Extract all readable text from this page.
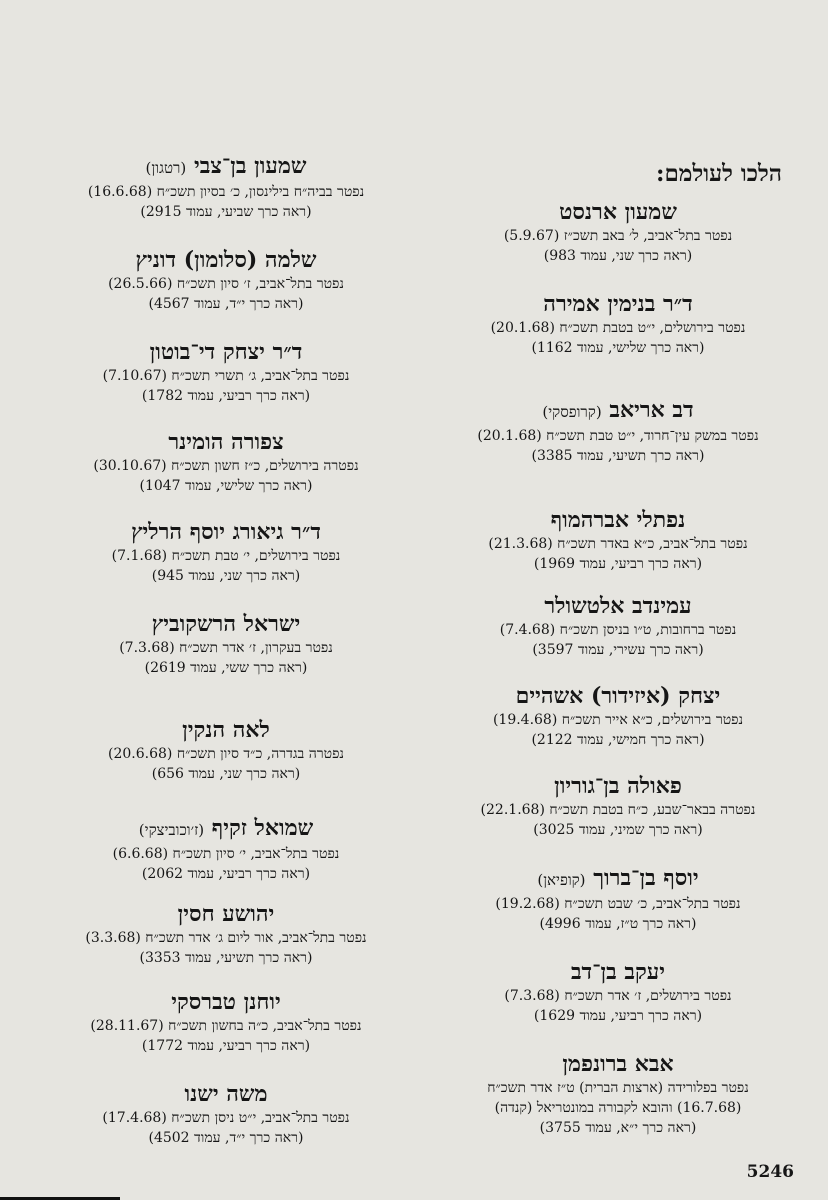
הלכו לעולמם:

שמעון ארנסט

נפטר בתל־אביב, ל׳ באב תשכ״ז (5.9.67)

(ראה כרך שני, עמוד 983)

ד״ר בנימין אמירה

נפטר בירושלים, י״ט בטבת תשכ״ח (20.1.68)

(ראה כרך שלישי, עמוד 1162)

דב אריאב (קרופסקי)

נפטר במשק עין־חרוד, י״ט טבת תשכ״ח (20.1.68)

(ראה כרך תשיעי, עמוד 3385)

נפתלי אברהמוף

נפטר בתל־אביב, כ״א באדר תשכ״ח (21.3.68)

(ראה כרך רביעי, עמוד 1969)

עמינדב אלטשולר

נפטר ברחובות, ט״ו בניסן תשכ״ח (7.4.68)

(ראה כרך עשירי, עמוד 3597)

יצחק (איזידור) אשהיים

נפטר בירושלים, כ״א אייר תשכ״ח (19.4.68)

(ראה כרך חמישי, עמוד 2122)

פאולה בן־גוריון

נפטרה בבאר־שבע, כ״ח בטבת תשכ״ח (22.1.68)

(ראה כרך שמיני, עמוד 3025)

יוסף בן־ברוך (קופיאן)

נפטר בתל־אביב, כ׳ שבט תשכ״ח (19.2.68)

(ראה כרך ט״ז, עמוד 4996)

יעקב בן־דב

נפטר בירושלים, ז׳ אדר תשכ״ח (7.3.68)

(ראה כרך רביעי, עמוד 1629)

אבא ברונפמן

נפטר בפלורידה (ארצות הברית) ט״ז אדר תשכ״ח

(16.7.68) והובא לקבורה במונטריאל (קנדה)

(ראה כרך י״א, עמוד 3755)

שמעון בן־צבי (רטגון)

נפטר בביה״ח בילינסון, כ׳ בסיון תשכ״ח (16.6.68)

(ראה כרך שביעי, עמוד 2915)

שלמה (סלומון) דוניץ

נפטר בתל־אביב, ז׳ סיון תשכ״ח (26.5.66)

(ראה כרך י״ד, עמוד 4567)

ד״ר יצחק די־בוטון

נפטר בתל־אביב, ג׳ תשרי תשכ״ח (7.10.67)

(ראה כרך רביעי, עמוד 1782)

צפורה הומינר

נפטרה בירושלים, כ״ז חשון תשכ״ח (30.10.67)

(ראה כרך שלישי, עמוד 1047)

ד״ר גיאורג יוסף הרליץ

נפטר בירושלים, י׳ טבת תשכ״ח (7.1.68)

(ראה כרך שני, עמוד 945)

ישראל הרשקוביץ

נפטר בעקרון, ז׳ אדר תשכ״ח (7.3.68)

(ראה כרך ששי, עמוד 2619)

לאה הנקין

נפטרה בגדרה, כ״ד סיון תשכ״ח (20.6.68)

(ראה כרך שני, עמוד 656)

שמואל זקיף (ז׳וכוביצקי)

נפטר בתל־אביב, י׳ סיון תשכ״ח (6.6.68)

(ראה כרך רביעי, עמוד 2062)

יהושע חסין

נפטר בתל־אביב, אור ליום ג׳ אדר תשכ״ח (3.3.68)

(ראה כרך תשיעי, עמוד 3353)

יוחנן טברסקי

נפטר בתל־אביב, כ״ה בחשון תשכ״ח (28.11.67)

(ראה כרך רביעי, עמוד 1772)

משה ישנו

נפטר בתל־אביב, י״ט ניסן תשכ״ח (17.4.68)

(ראה כרך י״ד, עמוד 4502)

5246
